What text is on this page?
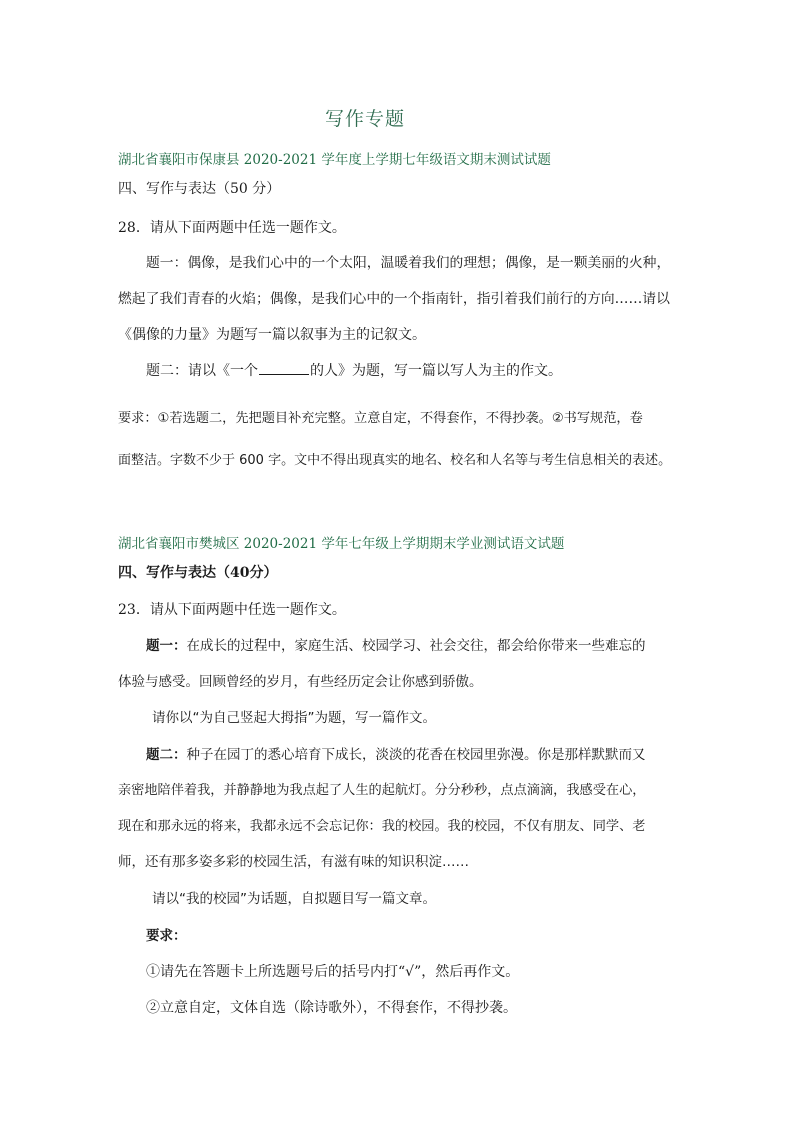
写作专题
湖北省襄阳市保康县 2020-2021 学年度上学期七年级语文期末测试试题
四、写作与表达（50 分）
28．请从下面两题中任选一题作文。
题一：偶像，是我们心中的一个太阳，温暖着我们的理想；偶像，是一颗美丽的火种，
燃起了我们青春的火焰；偶像，是我们心中的一个指南针，指引着我们前行的方向……请以
《偶像的力量》为题写一篇以叙事为主的记叙文。
题二：请以《一个	的人》为题，写一篇以写人为主的作文。
要求：①若选题二，先把题目补充完整。立意自定，不得套作，不得抄袭。②书写规范，卷
面整洁。字数不少于 600 字。文中不得出现真实的地名、校名和人名等与考生信息相关的表述。
湖北省襄阳市樊城区 2020-2021 学年七年级上学期期末学业测试语文试题
四、写作与表达（40分）
23．请从下面两题中任选一题作文。
题一：在成长的过程中，家庭生活、校园学习、社会交往，都会给你带来一些难忘的
体验与感受。回顾曾经的岁月，有些经历定会让你感到骄傲。
请你以“为自己竖起大拇指”为题，写一篇作文。
题二：种子在园丁的悉心培育下成长，淡淡的花香在校园里弥漫。你是那样默默而又
亲密地陪伴着我，并静静地为我点起了人生的起航灯。分分秒秒，点点滴滴，我感受在心，
现在和那永远的将来，我都永远不会忘记你：我的校园。我的校园，不仅有朋友、同学、老
师，还有那多姿多彩的校园生活，有滋有味的知识积淀……
请以“我的校园”为话题，自拟题目写一篇文章。
要求：
①请先在答题卡上所选题号后的括号内打“√”，然后再作文。
②立意自定，文体自选（除诗歌外），不得套作，不得抄袭。
